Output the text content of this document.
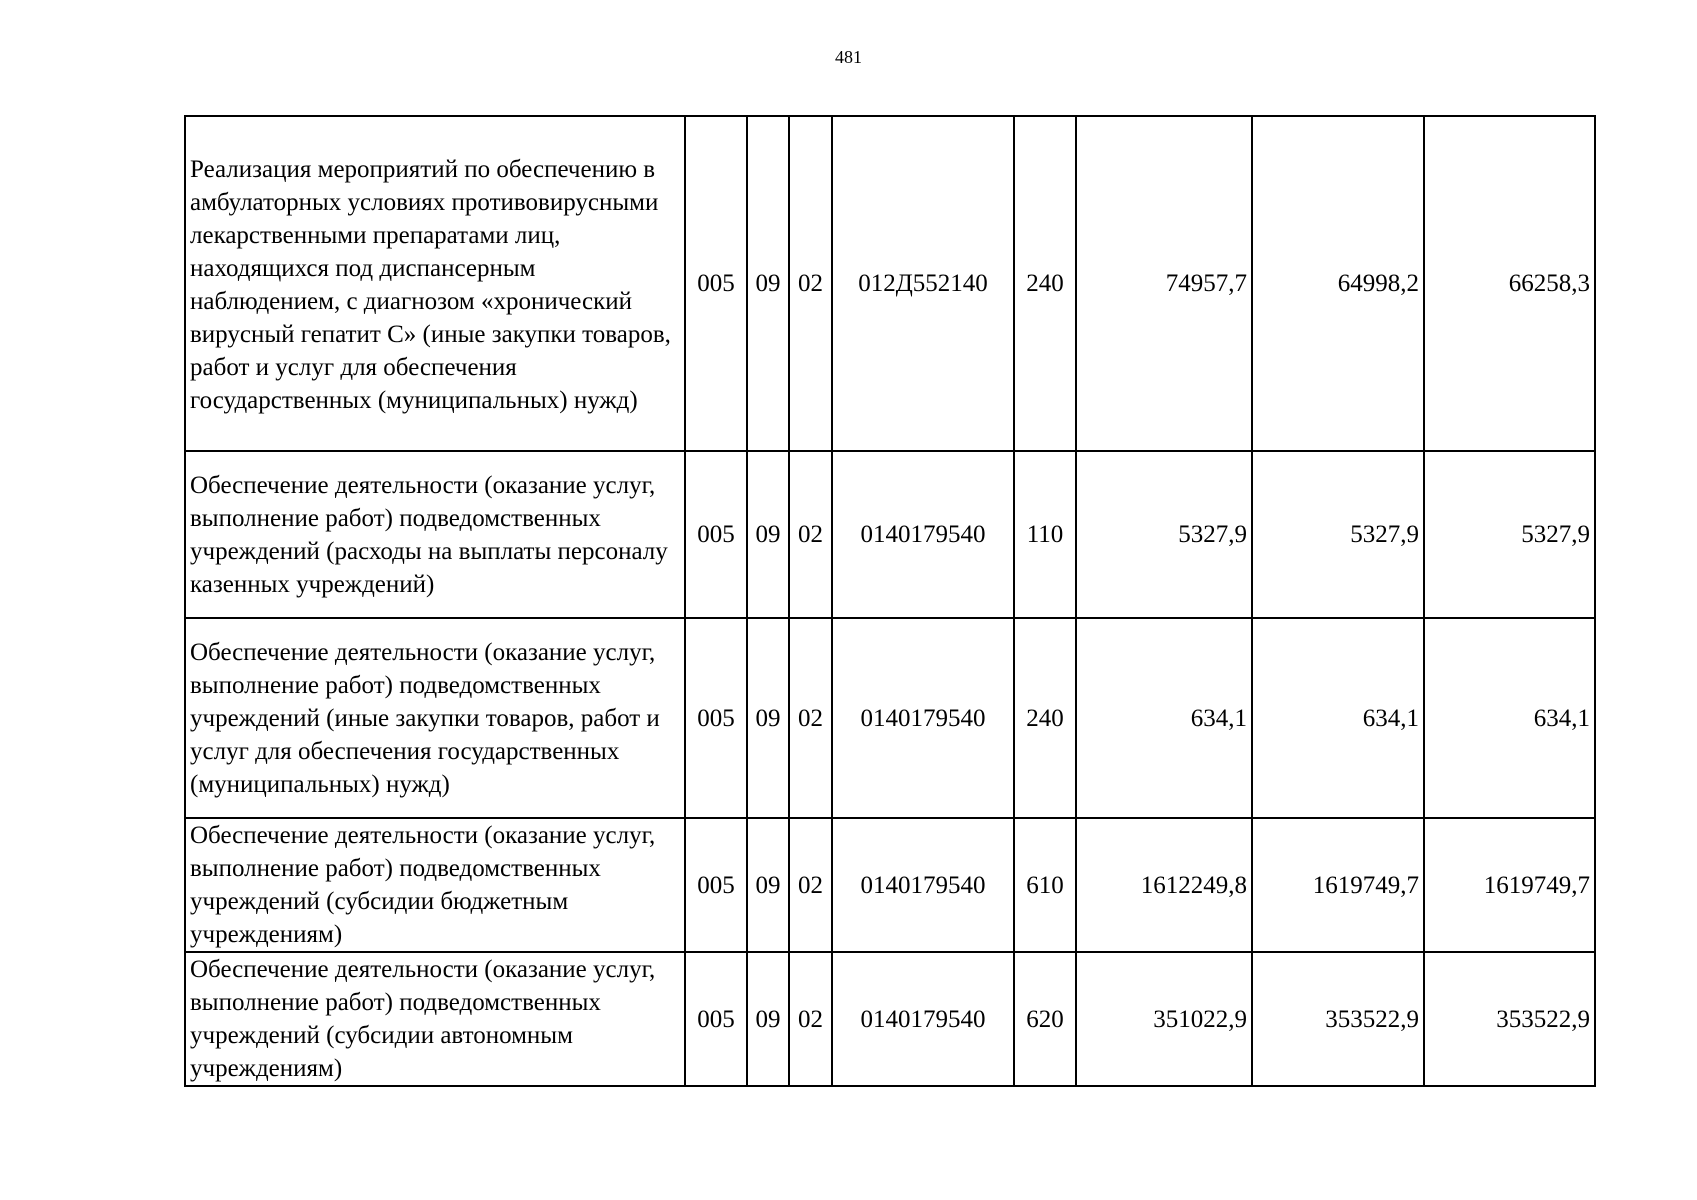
481
Реализация мероприятий по обеспечению в амбулаторных условиях противовирусными лекарственными препаратами лиц, находящихся под диспансерным наблюдением, с диагнозом «хронический вирусный гепатит С» (иные закупки товаров, работ и услуг для обеспечения государственных (муниципальных) нужд)	005	09	02	012Д552140	240	74957,7	64998,2	66258,3
Обеспечение деятельности (оказание услуг, выполнение работ) подведомственных учреждений (расходы на выплаты персоналу казенных учреждений)	005	09	02	0140179540	110	5327,9	5327,9	5327,9
Обеспечение деятельности (оказание услуг, выполнение работ) подведомственных учреждений (иные закупки товаров, работ и услуг для обеспечения государственных (муниципальных) нужд)	005	09	02	0140179540	240	634,1	634,1	634,1
Обеспечение деятельности (оказание услуг, выполнение работ) подведомственных учреждений (субсидии бюджетным учреждениям)	005	09	02	0140179540	610	1612249,8	1619749,7	1619749,7
Обеспечение деятельности (оказание услуг, выполнение работ) подведомственных учреждений (субсидии автономным учреждениям)	005	09	02	0140179540	620	351022,9	353522,9	353522,9
